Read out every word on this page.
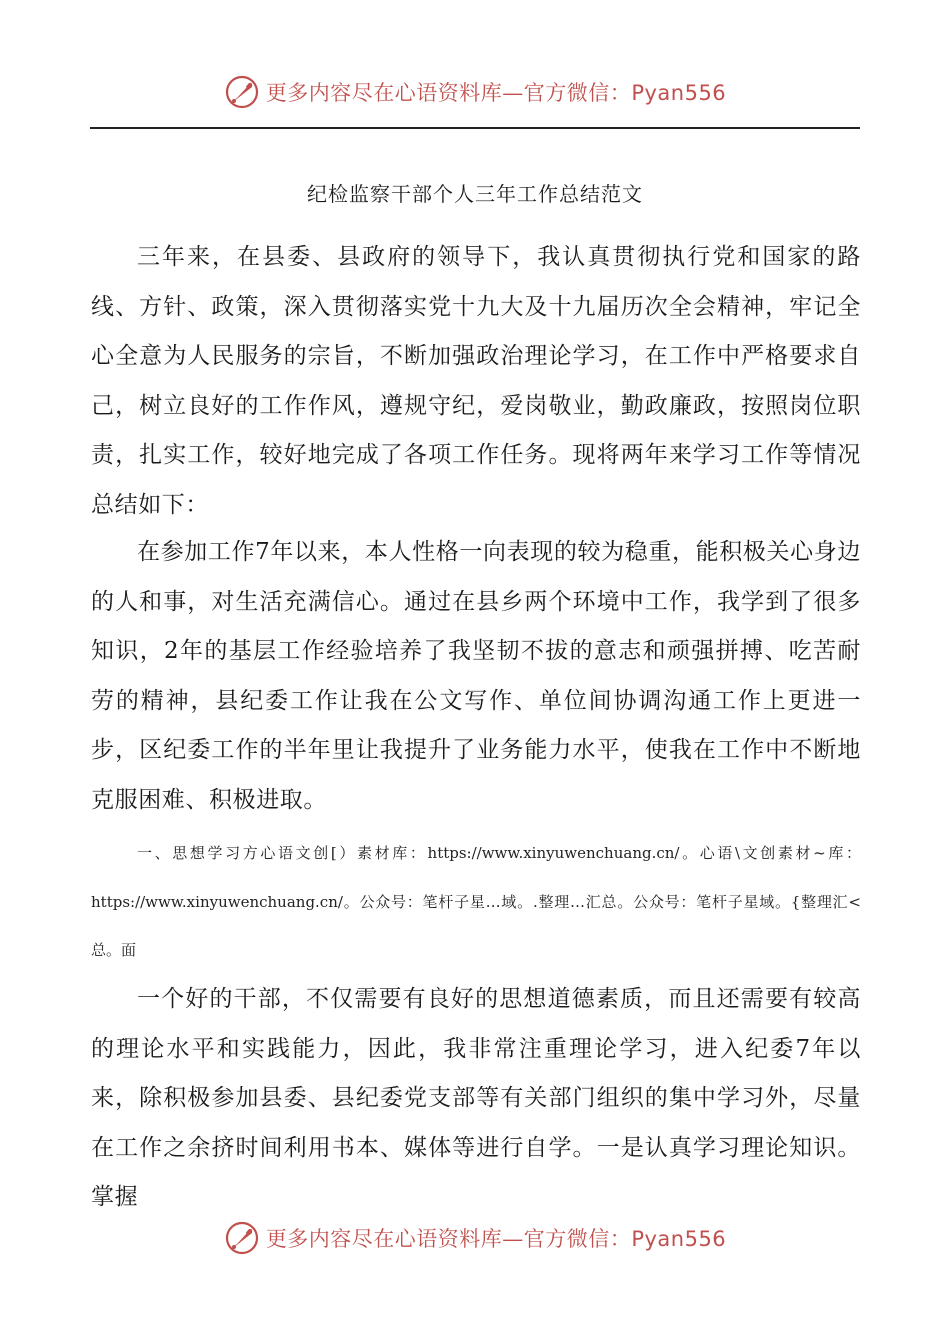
更多内容尽在心语资料库—官方微信：Pyan556
纪检监察干部个人三年工作总结范文
三年来，在县委、县政府的领导下，我认真贯彻执行党和国家的路线、方针、政策，深入贯彻落实党十九大及十九届历次全会精神，牢记全心全意为人民服务的宗旨，不断加强政治理论学习，在工作中严格要求自己，树立良好的工作作风，遵规守纪，爱岗敬业，勤政廉政，按照岗位职责，扎实工作，较好地完成了各项工作任务。现将两年来学习工作等情况总结如下：
在参加工作7年以来，本人性格一向表现的较为稳重，能积极关心身边的人和事，对生活充满信心。通过在县乡两个环境中工作，我学到了很多知识，2年的基层工作经验培养了我坚韧不拔的意志和顽强拼搏、吃苦耐劳的精神，县纪委工作让我在公文写作、单位间协调沟通工作上更进一步，区纪委工作的半年里让我提升了业务能力水平，使我在工作中不断地克服困难、积极进取。
一、思想学习方心语文创[）素材库：https://www.xinyuwenchuang.cn/。心语\文创素材~库：https://www.xinyuwenchuang.cn/。公众号：笔杆子星…域。.整理…汇总。公众号：笔杆子星域。{整理汇<总。面
一个好的干部，不仅需要有良好的思想道德素质，而且还需要有较高的理论水平和实践能力，因此，我非常注重理论学习，进入纪委7年以来，除积极参加县委、县纪委党支部等有关部门组织的集中学习外，尽量在工作之余挤时间利用书本、媒体等进行自学。一是认真学习理论知识。掌握
更多内容尽在心语资料库—官方微信：Pyan556
